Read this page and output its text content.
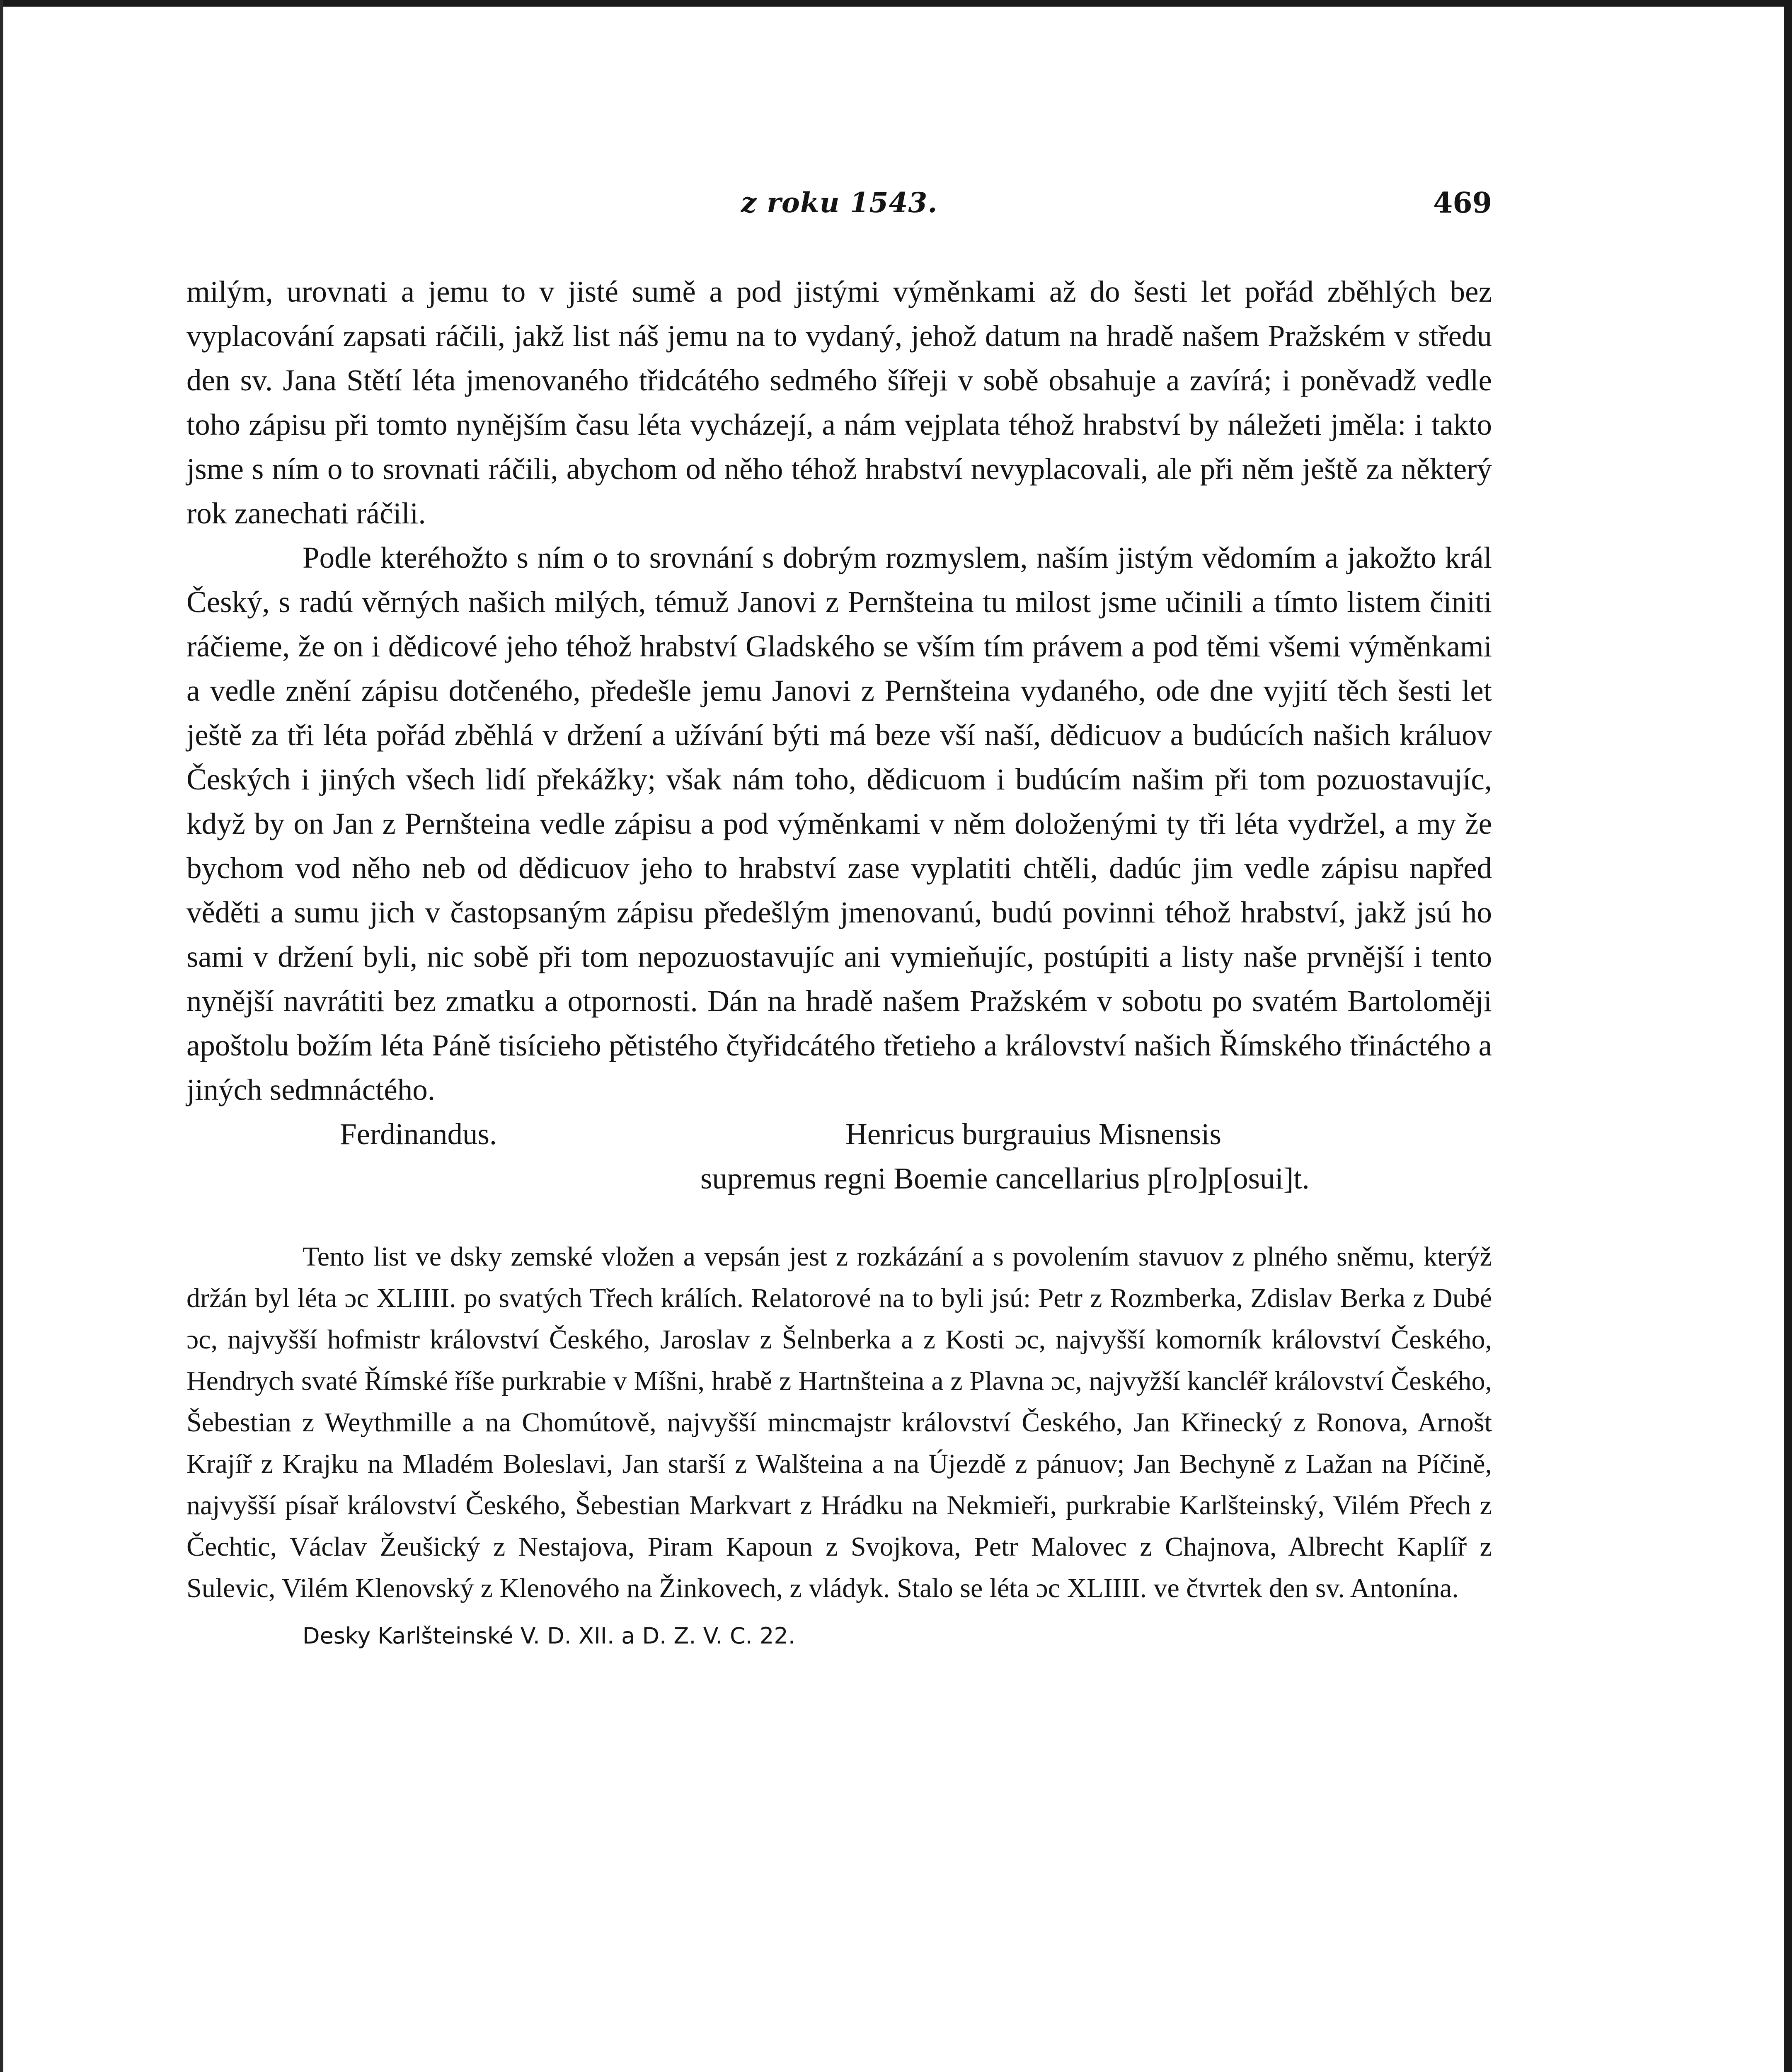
z roku 1543.	469

milým, urovnati a jemu to v jisté sumě a pod jistými výměnkami až do šesti let pořád zběhlých bez vyplacování zapsati ráčili, jakž list náš jemu na to vydaný, jehož datum na hradě našem Pražském v středu den sv. Jana Stětí léta jmenovaného třidcátého sedmého šířeji v sobě obsahuje a zavírá; i poněvadž vedle toho zápisu při tomto nynějším času léta vycházejí, a nám vejplata téhož hrabství by náležeti jměla: i takto jsme s ním o to srovnati ráčili, abychom od něho téhož hrabství nevyplacovali, ale při něm ještě za některý rok zanechati ráčili.

Podle kteréhožto s ním o to srovnání s dobrým rozmyslem, naším jistým vědomím a jakožto král Český, s radú věrných našich milých, témuž Janovi z Pernšteina tu milost jsme učinili a tímto listem činiti ráčieme, že on i dědicové jeho téhož hrabství Gladského se vším tím právem a pod těmi všemi výměnkami a vedle znění zápisu dotčeného, předešle jemu Janovi z Pernšteina vydaného, ode dne vyjití těch šesti let ještě za tři léta pořád zběhlá v držení a užívání býti má beze vší naší, dědicuov a budúcích našich králuov Českých i jiných všech lidí překážky; však nám toho, dědicuom i budúcím našim při tom pozuostavujíc, když by on Jan z Pernšteina vedle zápisu a pod výměnkami v něm doloženými ty tři léta vydržel, a my že bychom vod něho neb od dědicuov jeho to hrabství zase vyplatiti chtěli, dadúc jim vedle zápisu napřed věděti a sumu jich v častopsaným zápisu předešlým jmenovanú, budú povinni téhož hrabství, jakž jsú ho sami v držení byli, nic sobě při tom nepozuostavujíc ani vymieňujíc, postúpiti a listy naše prvnější i tento nynější navrátiti bez zmatku a otpornosti. Dán na hradě našem Pražském v sobotu po svatém Bartoloměji apoštolu božím léta Páně tisícieho pětistého čtyřidcátého třetieho a království našich Římského třináctého a jiných sedmnáctého.

Ferdinandus.	Henricus burgrauius Misnensis
supremus regni Boemie cancellarius p[ro]p[osui]t.

Tento list ve dsky zemské vložen a vepsán jest z rozkázání a s povolením stavuov z plného sněmu, kterýž držán byl léta ɔc XLIIII. po svatých Třech králích. Relatorové na to byli jsú: Petr z Rozmberka, Zdislav Berka z Dubé ɔc, najvyšší hofmistr království Českého, Jaroslav z Šelnberka a z Kosti ɔc, najvyšší komorník království Českého, Hendrych svaté Římské říše purkrabie v Míšni, hrabě z Hartnšteina a z Plavna ɔc, najvyžší kancléř království Českého, Šebestian z Weythmille a na Chomútově, najvyšší mincmajstr království Českého, Jan Křinecký z Ronova, Arnošt Krajíř z Krajku na Mladém Boleslavi, Jan starší z Walšteina a na Újezdě z pánuov; Jan Bechyně z Lažan na Píčině, najvyšší písař království Českého, Šebestian Markvart z Hrádku na Nekmieři, purkrabie Karlšteinský, Vilém Přech z Čechtic, Václav Žeušický z Nestajova, Piram Kapoun z Svojkova, Petr Malovec z Chajnova, Albrecht Kaplíř z Sulevic, Vilém Klenovský z Klenového na Žinkovech, z vládyk. Stalo se léta ɔc XLIIII. ve čtvrtek den sv. Antonína.

Desky Karlšteinské V. D. XII. a D. Z. V. C. 22.
